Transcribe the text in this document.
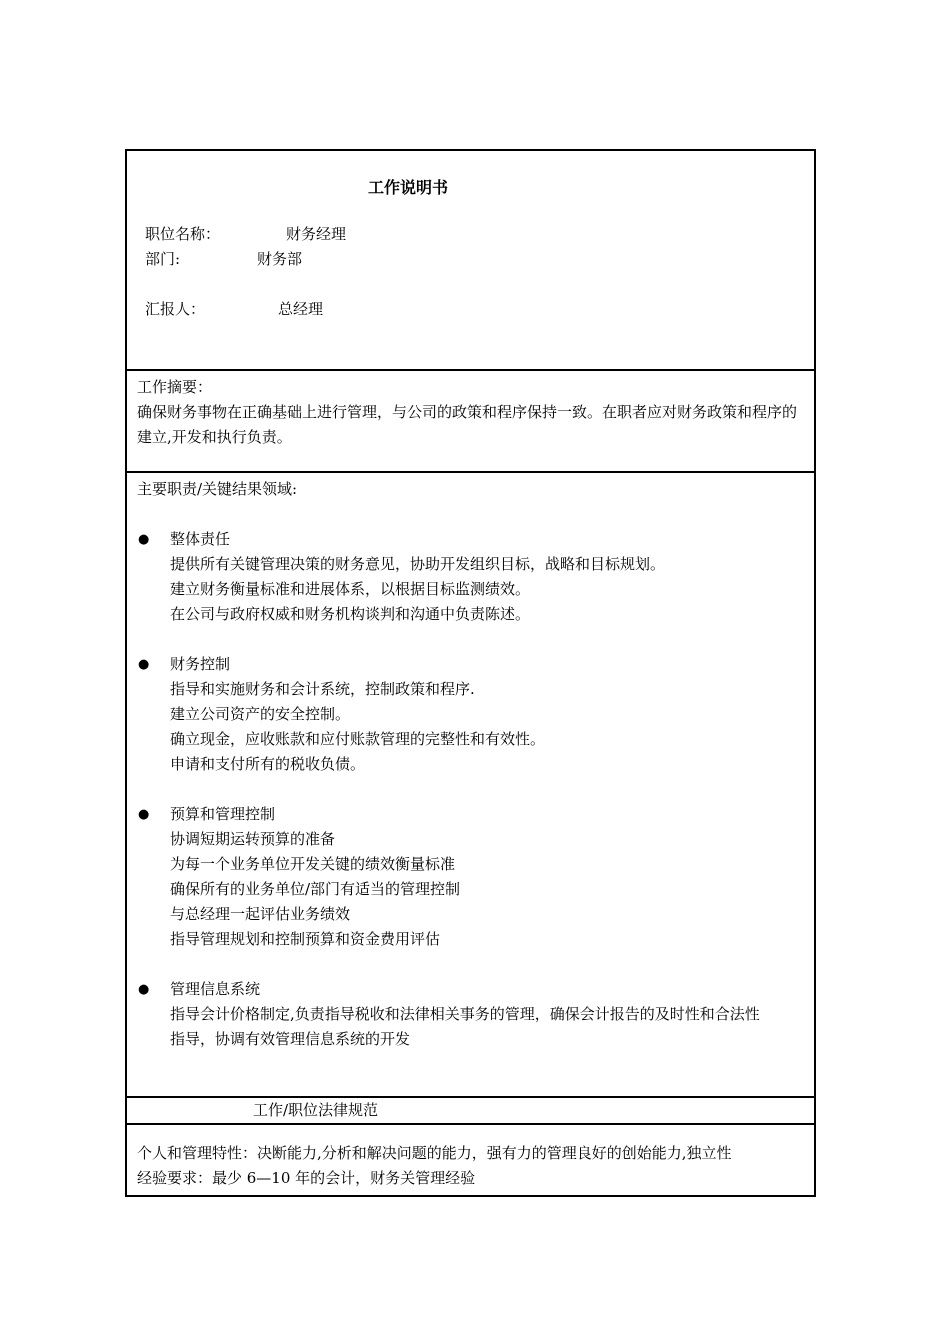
工作说明书
职位名称：	财务经理
部门:	财务部
汇报人：	总经理
工作摘要：
确保财务事物在正确基础上进行管理，与公司的政策和程序保持一致。在职者应对财务政策和程序的建立,开发和执行负责。
主要职责/关键结果领域:
● 整体责任
提供所有关键管理决策的财务意见，协助开发组织目标，战略和目标规划。
建立财务衡量标准和进展体系，以根据目标监测绩效。
在公司与政府权威和财务机构谈判和沟通中负责陈述。
● 财务控制
指导和实施财务和会计系统，控制政策和程序.
建立公司资产的安全控制。
确立现金，应收账款和应付账款管理的完整性和有效性。
申请和支付所有的税收负债。
● 预算和管理控制
协调短期运转预算的准备
为每一个业务单位开发关键的绩效衡量标准
确保所有的业务单位/部门有适当的管理控制
与总经理一起评估业务绩效
指导管理规划和控制预算和资金费用评估
● 管理信息系统
指导会计价格制定,负责指导税收和法律相关事务的管理，确保会计报告的及时性和合法性
指导，协调有效管理信息系统的开发
工作/职位法律规范
个人和管理特性：决断能力,分析和解决问题的能力，强有力的管理良好的创始能力,独立性
经验要求：最少 6—10 年的会计，财务关管理经验
